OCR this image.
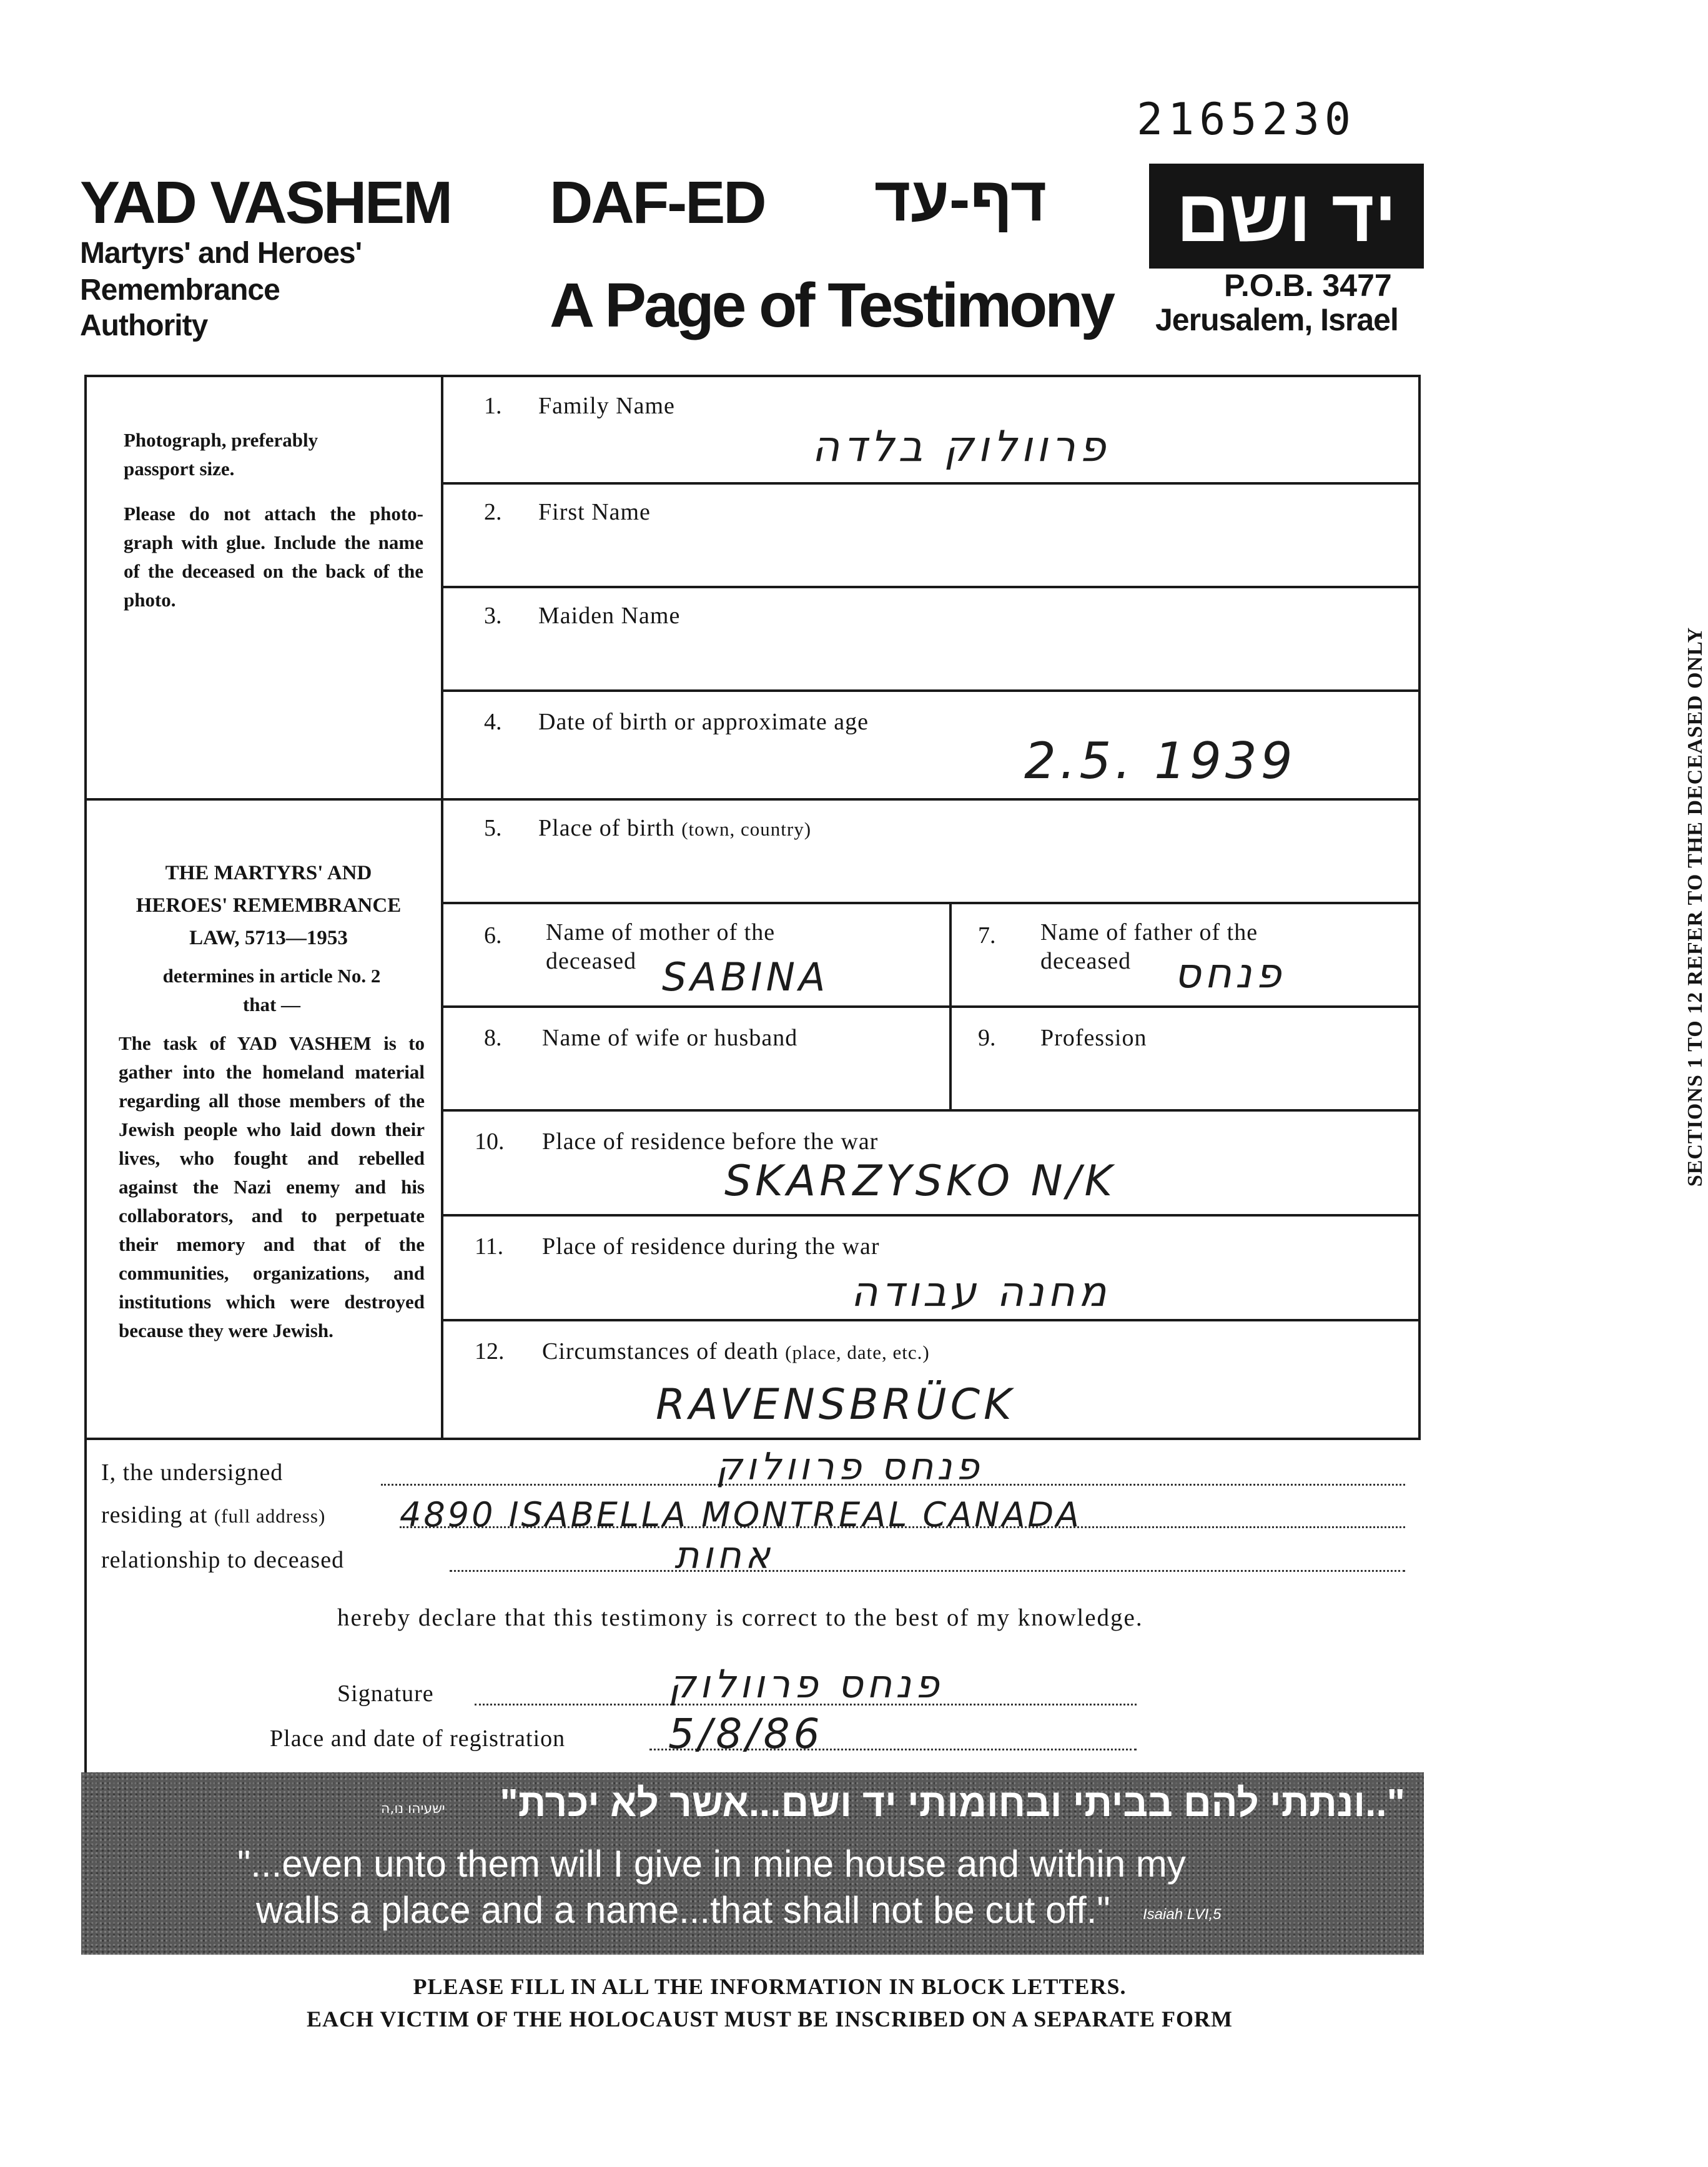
2165230
YAD VASHEM
Martyrs' and Heroes'
Remembrance
Authority
DAF-ED דף-עד
A Page of Testimony
יד ושם
P.O.B. 3477
Jerusalem, Israel
Photograph, preferably
passport size.
Please do not attach the photo-graph with glue. Include the name of the deceased on the back of the photo.
THE MARTYRS' AND
HEROES' REMEMBRANCE
LAW, 5713—1953
determines in article No. 2
that —
The task of YAD VASHEM is to gather into the homeland material regarding all those members of the Jewish people who laid down their lives, who fought and rebelled against the Nazi enemy and his collaborators, and to perpetuate their memory and that of the communities, organizations, and institutions which were destroyed because they were Jewish.
1. Family Name
פרוולוק בלדה
2. First Name
3. Maiden Name
4. Date of birth or approximate age
2.5. 1939
5. Place of birth (town, country)
6. Name of mother of the deceased SABINA
7. Name of father of the deceased	פנחס
8. Name of wife or husband	9. Profession
10. Place of residence before the war
SKARZYSKO N/K
11. Place of residence during the war
מחנה עבודה
12. Circumstances of death (place, date, etc.)
RAVENSBRÜCK
SECTIONS 1 TO 12 REFER TO THE DECEASED ONLY
I, the undersigned	פנחס פרוולוק
residing at (full address) 4890 ISABELLA MONTREAL CANADA
relationship to deceased	אחות
hereby declare that this testimony is correct to the best of my knowledge.
Signature	פנחס פרוולוק
Place and date of registration 5/8/86
"..ונתתי להם בביתי ובחומותי יד ושם...אשר לא יכרת"
ישעיהו נו,ה
"...even unto them will I give in mine house and within my
walls a place and a name...that shall not be cut off." Isaiah LVI,5
PLEASE FILL IN ALL THE INFORMATION IN BLOCK LETTERS.
EACH VICTIM OF THE HOLOCAUST MUST BE INSCRIBED ON A SEPARATE FORM
